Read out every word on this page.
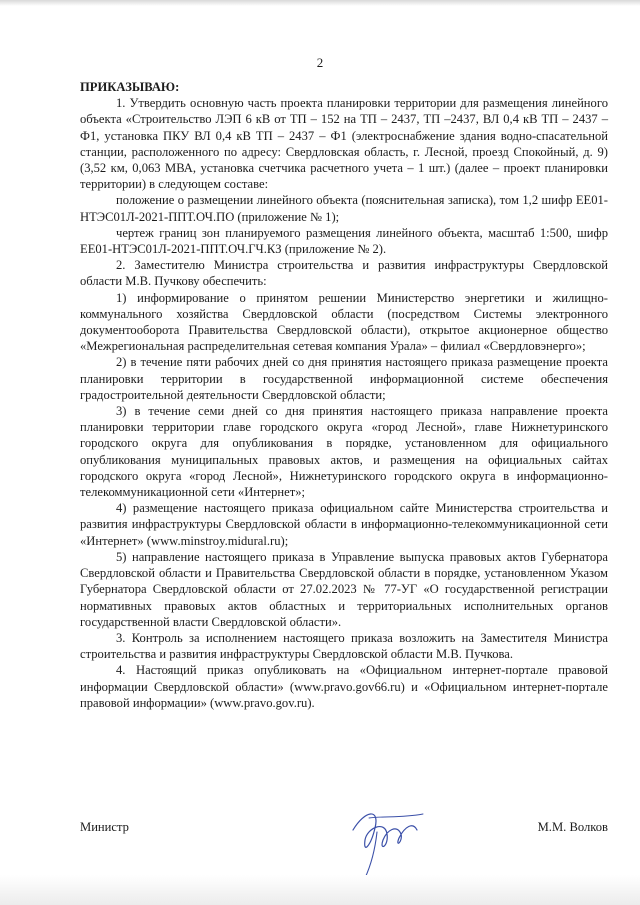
2

ПРИКАЗЫВАЮ:

1. Утвердить основную часть проекта планировки территории для размещения линейного объекта «Строительство ЛЭП 6 кВ от ТП – 152 на ТП – 2437, ТП –2437, ВЛ 0,4 кВ ТП – 2437 – Ф1, установка ПКУ ВЛ 0,4 кВ ТП – 2437 – Ф1 (электроснабжение здания водно-спасательной станции, расположенного по адресу: Свердловская область, г. Лесной, проезд Спокойный, д. 9) (3,52 км, 0,063 МВА, установка счетчика расчетного учета – 1 шт.) (далее – проект планировки территории) в следующем составе:

положение о размещении линейного объекта (пояснительная записка), том 1,2 шифр ЕЕ01-НТЭС01Л-2021-ППТ.ОЧ.ПО (приложение № 1);

чертеж границ зон планируемого размещения линейного объекта, масштаб 1:500, шифр ЕЕ01-НТЭС01Л-2021-ППТ.ОЧ.ГЧ.КЗ (приложение № 2).

2. Заместителю Министра строительства и развития инфраструктуры Свердловской области М.В. Пучкову обеспечить:

1) информирование о принятом решении Министерство энергетики и жилищно-коммунального хозяйства Свердловской области (посредством Системы электронного документооборота Правительства Свердловской области), открытое акционерное общество «Межрегиональная распределительная сетевая компания Урала» – филиал «Свердловэнерго»;

2) в течение пяти рабочих дней со дня принятия настоящего приказа размещение проекта планировки территории в государственной информационной системе обеспечения градостроительной деятельности Свердловской области;

3) в течение семи дней со дня принятия настоящего приказа направление проекта планировки территории главе городского округа «город Лесной», главе Нижнетуринского городского округа для опубликования в порядке, установленном для официального опубликования муниципальных правовых актов, и размещения на официальных сайтах городского округа «город Лесной», Нижнетуринского городского округа в информационно-телекоммуникационной сети «Интернет»;

4) размещение настоящего приказа официальном сайте Министерства строительства и развития инфраструктуры Свердловской области в информационно-телекоммуникационной сети «Интернет» (www.minstroy.midural.ru);

5) направление настоящего приказа в Управление выпуска правовых актов Губернатора Свердловской области и Правительства Свердловской области в порядке, установленном Указом Губернатора Свердловской области от 27.02.2023 № 77-УГ «О государственной регистрации нормативных правовых актов областных и территориальных исполнительных органов государственной власти Свердловской области».

3. Контроль за исполнением настоящего приказа возложить на Заместителя Министра строительства и развития инфраструктуры Свердловской области М.В. Пучкова.

4. Настоящий приказ опубликовать на «Официальном интернет-портале правовой информации Свердловской области» (www.pravo.gov66.ru) и «Официальном интернет-портале правовой информации» (www.pravo.gov.ru).

Министр	М.М. Волков
